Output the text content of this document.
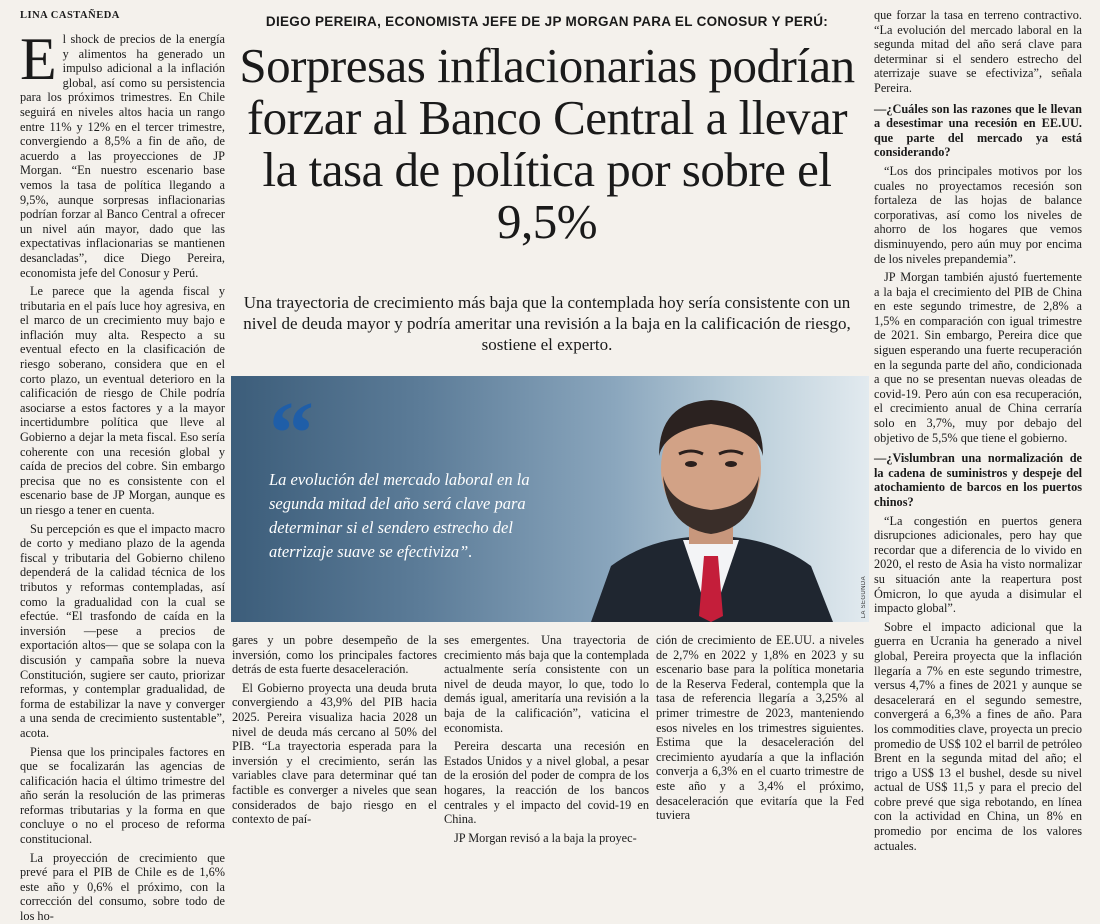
LINA CASTAÑEDA
E l shock de precios de la energía y alimentos ha generado un impulso adicional a la inflación global, así como su persistencia para los próximos trimestres. En Chile seguirá en niveles altos hacia un rango entre 11% y 12% en el tercer trimestre, convergiendo a 8,5% a fin de año, de acuerdo a las proyecciones de JP Morgan. “En nuestro escenario base vemos la tasa de política llegando a 9,5%, aunque sorpresas inflacionarias podrían forzar al Banco Central a ofrecer un nivel aún mayor, dado que las expectativas inflacionarias se mantienen desancladas”, dice Diego Pereira, economista jefe del Conosur y Perú.

Le parece que la agenda fiscal y tributaria en el país luce hoy agresiva, en el marco de un crecimiento muy bajo e inflación muy alta. Respecto a su eventual efecto en la clasificación de riesgo soberano, considera que en el corto plazo, un eventual deterioro en la calificación de riesgo de Chile podría asociarse a estos factores y a la mayor incertidumbre política que lleve al Gobierno a dejar la meta fiscal. Eso sería coherente con una recesión global y caída de precios del cobre. Sin embargo precisa que no es consistente con el escenario base de JP Morgan, aunque es un riesgo a tener en cuenta.

Su percepción es que el impacto macro de corto y mediano plazo de la agenda fiscal y tributaria del Gobierno chileno dependerá de la calidad técnica de los tributos y reformas contempladas, así como la gradualidad con la cual se efectúe. “El trasfondo de caída en la inversión —pese a precios de exportación altos— que se solapa con la discusión y campaña sobre la nueva Constitución, sugiere ser cauto, priorizar reformas, y contemplar gradualidad, de forma de estabilizar la nave y converger a una senda de crecimiento sustentable”, acota.

Piensa que los principales factores en que se focalizarán las agencias de calificación hacia el último trimestre del año serán la resolución de las primeras reformas tributarias y la forma en que concluye o no el proceso de reforma constitucional.

La proyección de crecimiento que prevé para el PIB de Chile es de 1,6% este año y 0,6% el próximo, con la corrección del consumo, sobre todo de los ho-

DIEGO PEREIRA, ECONOMISTA JEFE DE JP MORGAN PARA EL CONOSUR Y PERÚ:
Sorpresas inflacionarias podrían forzar al Banco Central a llevar la tasa de política por sobre el 9,5%
Una trayectoria de crecimiento más baja que la contemplada hoy sería consistente con un nivel de deuda mayor y podría ameritar una revisión a la baja en la calificación de riesgo, sostiene el experto.
“
La evolución del mercado laboral en la segunda mitad del año será clave para determinar si el sendero estrecho del aterrizaje suave se efectiviza”.
LA SEGUNDA

gares y un pobre desempeño de la inversión, como los principales factores detrás de esta fuerte desaceleración.

El Gobierno proyecta una deuda bruta convergiendo a 43,9% del PIB hacia 2025. Pereira visualiza hacia 2028 un nivel de deuda más cercano al 50% del PIB. “La trayectoria esperada para la inversión y el crecimiento, serán las variables clave para determinar qué tan factible es converger a niveles que sean considerados de bajo riesgo en el contexto de paí-

ses emergentes. Una trayectoria de crecimiento más baja que la contemplada actualmente sería consistente con un nivel de deuda mayor, lo que, todo lo demás igual, ameritaría una revisión a la baja de la calificación”, vaticina el economista.

Pereira descarta una recesión en Estados Unidos y a nivel global, a pesar de la erosión del poder de compra de los hogares, la reacción de los bancos centrales y el impacto del covid-19 en China.

JP Morgan revisó a la baja la proyec-

ción de crecimiento de EE.UU. a niveles de 2,7% en 2022 y 1,8% en 2023 y su escenario base para la política monetaria de la Reserva Federal, contempla que la tasa de referencia llegaría a 3,25% al primer trimestre de 2023, manteniendo esos niveles en los trimestres siguientes. Estima que la desaceleración del crecimiento ayudaría a que la inflación converja a 6,3% en el cuarto trimestre de este año y a 3,4% el próximo, desaceleración que evitaría que la Fed tuviera

que forzar la tasa en terreno contractivo. “La evolución del mercado laboral en la segunda mitad del año será clave para determinar si el sendero estrecho del aterrizaje suave se efectiviza”, señala Pereira.

—¿Cuáles son las razones que le llevan a desestimar una recesión en EE.UU. que parte del mercado ya está considerando?

“Los dos principales motivos por los cuales no proyectamos recesión son fortaleza de las hojas de balance corporativas, así como los niveles de ahorro de los hogares que vemos disminuyendo, pero aún muy por encima de los niveles prepandemia”.

JP Morgan también ajustó fuertemente a la baja el crecimiento del PIB de China en este segundo trimestre, de 2,8% a 1,5% en comparación con igual trimestre de 2021. Sin embargo, Pereira dice que siguen esperando una fuerte recuperación en la segunda parte del año, condicionada a que no se presentan nuevas oleadas de covid-19. Pero aún con esa recuperación, el crecimiento anual de China cerraría solo en 3,7%, muy por debajo del objetivo de 5,5% que tiene el gobierno.

—¿Vislumbran una normalización de la cadena de suministros y despeje del atochamiento de barcos en los puertos chinos?

“La congestión en puertos genera disrupciones adicionales, pero hay que recordar que a diferencia de lo vivido en 2020, el resto de Asia ha visto normalizar su situación ante la reapertura post Ómicron, lo que ayuda a disimular el impacto global”.

Sobre el impacto adicional que la guerra en Ucrania ha generado a nivel global, Pereira proyecta que la inflación llegaría a 7% en este segundo trimestre, versus 4,7% a fines de 2021 y aunque se desacelerará en el segundo semestre, convergerá a 6,3% a fines de año. Para los commodities clave, proyecta un precio promedio de US$ 102 el barril de petróleo Brent en la segunda mitad del año; el trigo a US$ 13 el bushel, desde su nivel actual de US$ 11,5 y para el precio del cobre prevé que siga rebotando, en línea con la actividad en China, un 8% en promedio por encima de los valores actuales.
